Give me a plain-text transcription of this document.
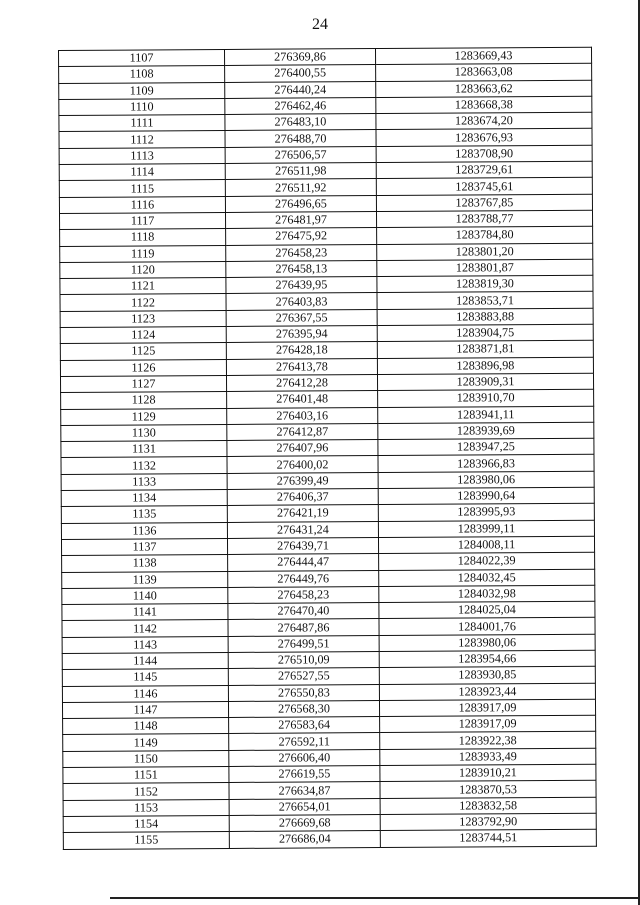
24
1107	276369,86	1283669,43
1108	276400,55	1283663,08
1109	276440,24	1283663,62
1110	276462,46	1283668,38
1111	276483,10	1283674,20
1112	276488,70	1283676,93
1113	276506,57	1283708,90
1114	276511,98	1283729,61
1115	276511,92	1283745,61
1116	276496,65	1283767,85
1117	276481,97	1283788,77
1118	276475,92	1283784,80
1119	276458,23	1283801,20
1120	276458,13	1283801,87
1121	276439,95	1283819,30
1122	276403,83	1283853,71
1123	276367,55	1283883,88
1124	276395,94	1283904,75
1125	276428,18	1283871,81
1126	276413,78	1283896,98
1127	276412,28	1283909,31
1128	276401,48	1283910,70
1129	276403,16	1283941,11
1130	276412,87	1283939,69
1131	276407,96	1283947,25
1132	276400,02	1283966,83
1133	276399,49	1283980,06
1134	276406,37	1283990,64
1135	276421,19	1283995,93
1136	276431,24	1283999,11
1137	276439,71	1284008,11
1138	276444,47	1284022,39
1139	276449,76	1284032,45
1140	276458,23	1284032,98
1141	276470,40	1284025,04
1142	276487,86	1284001,76
1143	276499,51	1283980,06
1144	276510,09	1283954,66
1145	276527,55	1283930,85
1146	276550,83	1283923,44
1147	276568,30	1283917,09
1148	276583,64	1283917,09
1149	276592,11	1283922,38
1150	276606,40	1283933,49
1151	276619,55	1283910,21
1152	276634,87	1283870,53
1153	276654,01	1283832,58
1154	276669,68	1283792,90
1155	276686,04	1283744,51
